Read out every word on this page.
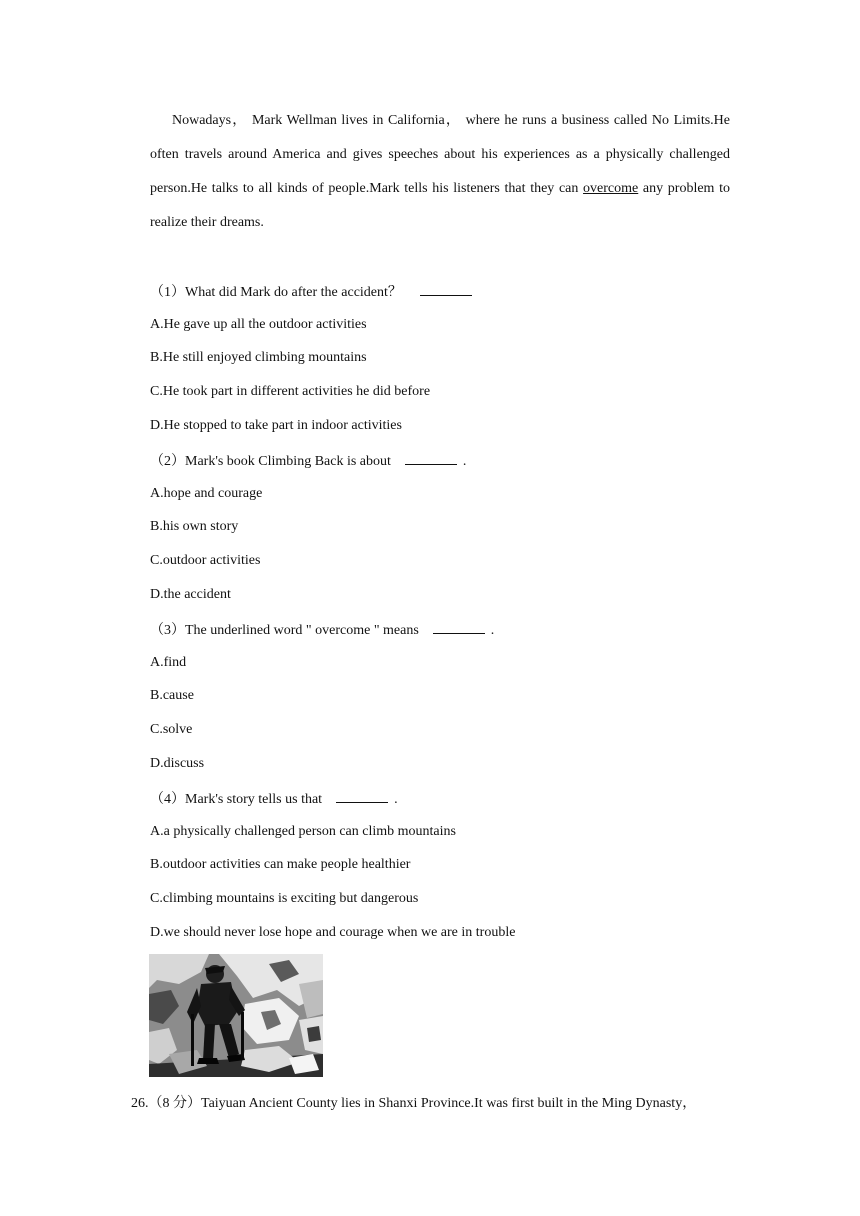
Nowadays， Mark Wellman lives in California， where he runs a business called No Limits.He often travels around America and gives speeches about his experiences as a physically challenged person.He talks to all kinds of people.Mark tells his listeners that they can overcome any problem to realize their dreams.

（1）What did Mark do after the accident？
A.He gave up all the outdoor activities
B.He still enjoyed climbing mountains
C.He took part in different activities he did before
D.He stopped to take part in indoor activities
（2）Mark's book Climbing Back is about	.
A.hope and courage
B.his own story
C.outdoor activities
D.the accident
（3）The underlined word " overcome " means	.
A.find
B.cause
C.solve
D.discuss
（4）Mark's story tells us that	.
A.a physically challenged person can climb mountains
B.outdoor activities can make people healthier
C.climbing mountains is exciting but dangerous
D.we should never lose hope and courage when we are in trouble
26.（8 分）Taiyuan Ancient County lies in Shanxi Province.It was first built in the Ming Dynasty，
